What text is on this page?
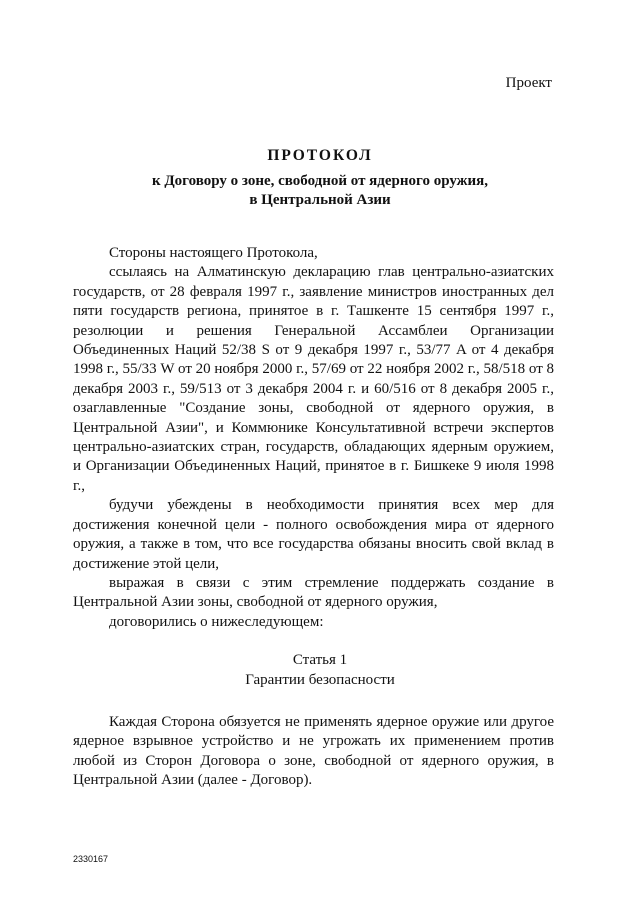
Проект
ПРОТОКОЛ
к Договору о зоне, свободной от ядерного оружия,
в Центральной Азии

Стороны настоящего Протокола,

ссылаясь на Алматинскую декларацию глав центрально-азиатских государств, от 28 февраля 1997 г., заявление министров иностранных дел пяти государств региона, принятое в г. Ташкенте 15 сентября 1997 г., резолюции и решения Генеральной Ассамблеи Организации Объединенных Наций 52/38 S от 9 декабря 1997 г., 53/77 A от 4 декабря 1998 г., 55/33 W от 20 ноября 2000 г., 57/69 от 22 ноября 2002 г., 58/518 от 8 декабря 2003 г., 59/513 от 3 декабря 2004 г. и 60/516 от 8 декабря 2005 г., озаглавленные "Создание зоны, свободной от ядерного оружия, в Центральной Азии", и Коммюнике Консультативной встречи экспертов центрально-азиатских стран, государств, обладающих ядерным оружием, и Организации Объединенных Наций, принятое в г. Бишкеке 9 июля 1998 г.,

будучи убеждены в необходимости принятия всех мер для достижения конечной цели - полного освобождения мира от ядерного оружия, а также в том, что все государства обязаны вносить свой вклад в достижение этой цели,

выражая в связи с этим стремление поддержать создание в Центральной Азии зоны, свободной от ядерного оружия,

договорились о нижеследующем:

Статья 1
Гарантии безопасности

Каждая Сторона обязуется не применять ядерное оружие или другое ядерное взрывное устройство и не угрожать их применением против любой из Сторон Договора о зоне, свободной от ядерного оружия, в Центральной Азии (далее - Договор).

2330167
